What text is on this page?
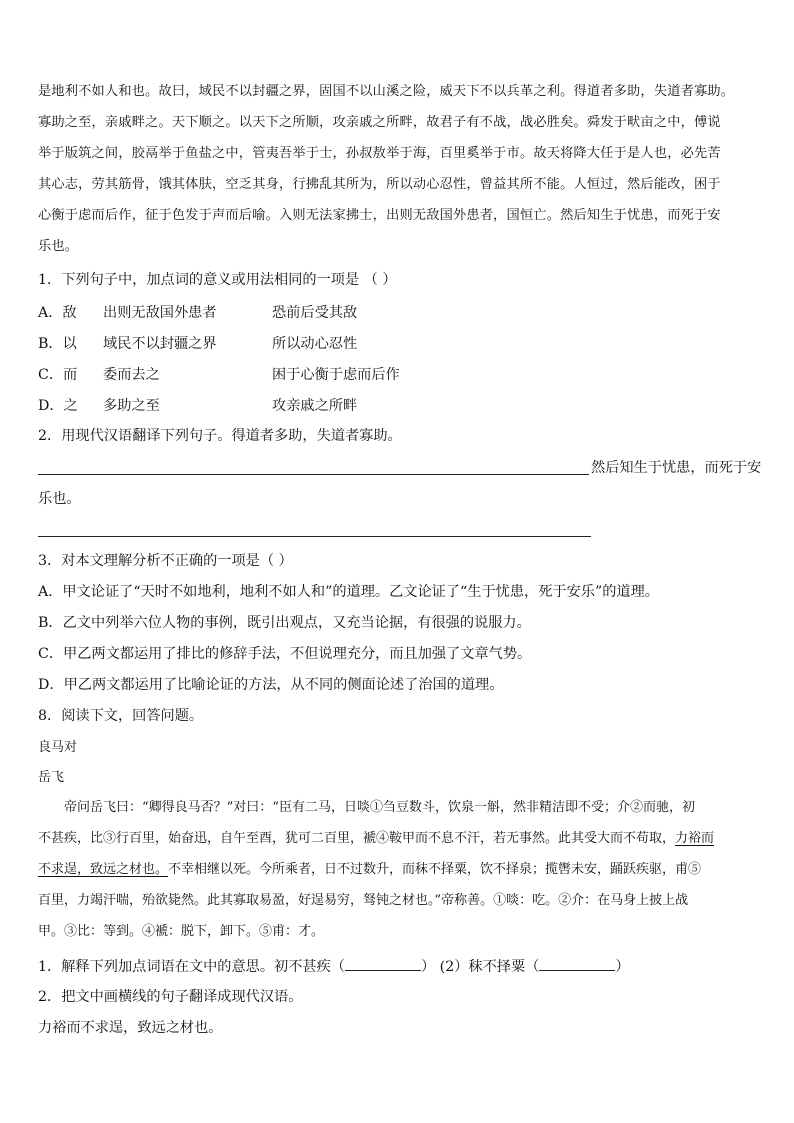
是地利不如人和也。故曰，域民不以封疆之界，固国不以山溪之险，威天下不以兵革之利。得道者多助，失道者寡助。
寡助之至，亲戚畔之。天下顺之。以天下之所顺，攻亲戚之所畔，故君子有不战，战必胜矣。舜发于畎亩之中，傅说
举于版筑之间，胶鬲举于鱼盐之中，管夷吾举于士，孙叔敖举于海，百里奚举于市。故天将降大任于是人也，必先苦
其心志，劳其筋骨，饿其体肤，空乏其身，行拂乱其所为，所以动心忍性，曾益其所不能。人恒过，然后能改，困于
心衡于虑而后作，征于色发于声而后喻。入则无法家拂士，出则无敌国外患者，国恒亡。然后知生于忧患，而死于安
乐也。
1．下列句子中，加点词的意义或用法相同的一项是 （ ）
A．敌 出则无敌国外患者	恐前后受其敌
B．以 域民不以封疆之界	所以动心忍性
C．而 委而去之	困于心衡于虑而后作
D．之 多助之至	攻亲戚之所畔
2．用现代汉语翻译下列句子。得道者多助，失道者寡助。
然后知生于忧患，而死于安
乐也。
3．对本文理解分析不正确的一项是（ ）
A．甲文论证了“天时不如地利，地利不如人和”的道理。乙文论证了“生于忧患，死于安乐”的道理。
B．乙文中列举六位人物的事例，既引出观点，又充当论据，有很强的说服力。
C．甲乙两文都运用了排比的修辞手法，不但说理充分，而且加强了文章气势。
D．甲乙两文都运用了比喻论证的方法，从不同的侧面论述了治国的道理。
8．阅读下文，回答问题。
良马对
岳飞
帝问岳飞曰：“卿得良马否？”对曰：“臣有二马，日啖①刍豆数斗，饮泉一斛，然非精洁即不受；介②而驰，初
不甚疾，比③行百里，始奋迅，自午至酉，犹可二百里，褫④鞍甲而不息不汗，若无事然。此其受大而不苟取，力裕而
不求逞，致远之材也。不幸相继以死。今所乘者，日不过数升，而秣不择粟，饮不择泉；揽辔未安，踊跃疾驱，甫⑤
百里，力竭汗喘，殆欲毙然。此其寡取易盈，好逞易穷，驽钝之材也。”帝称善。①啖：吃。②介：在马身上披上战
甲。③比：等到。④褫：脱下，卸下。⑤甫：才。
1．解释下列加点词语在文中的意思。初不甚疾（	） (2）秣不择粟（	）
2．把文中画横线的句子翻译成现代汉语。
力裕而不求逞，致远之材也。
